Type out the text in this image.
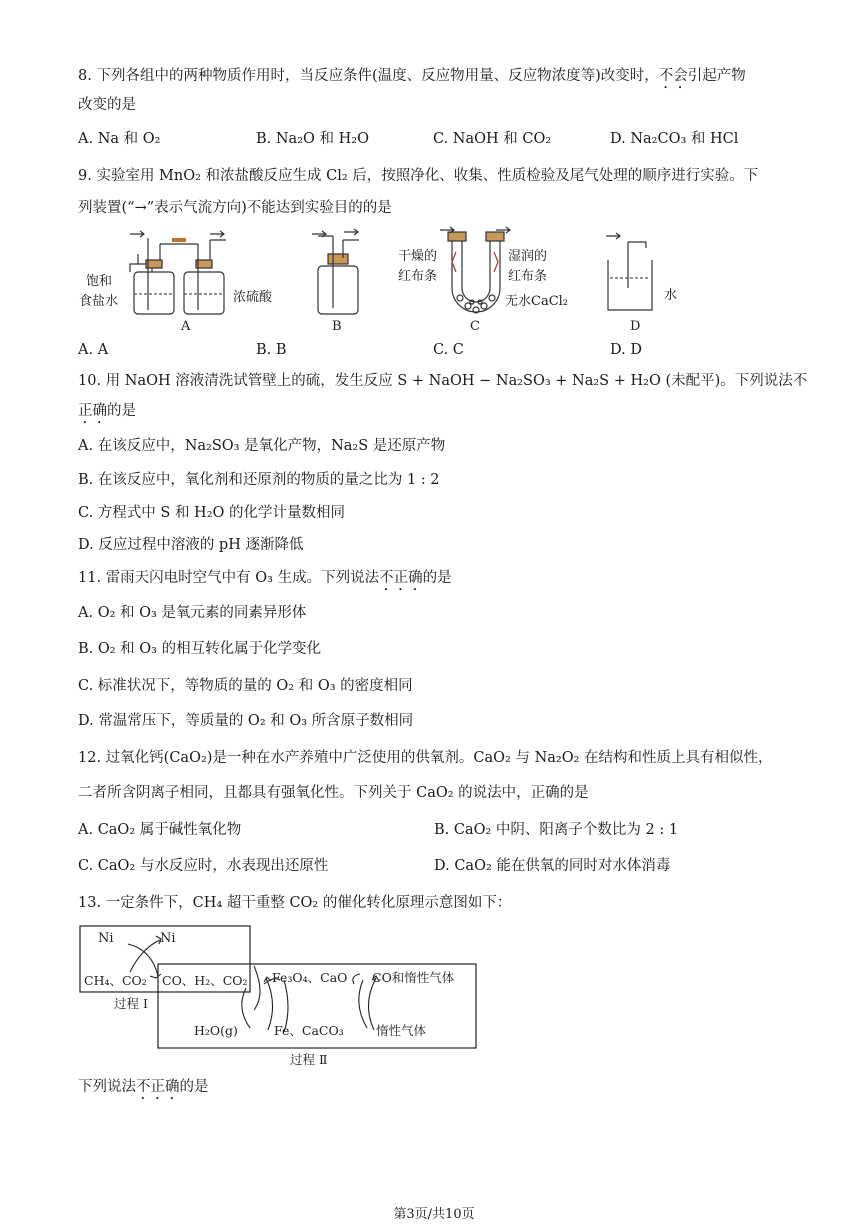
8. 下列各组中的两种物质作用时，当反应条件(温度、反应物用量、反应物浓度等)改变时，不会引起产物
改变的是
A. Na 和 O₂	B. Na₂O 和 H₂O	C. NaOH 和 CO₂	D. Na₂CO₃ 和 HCl
9. 实验室用 MnO₂ 和浓盐酸反应生成 Cl₂ 后，按照净化、收集、性质检验及尾气处理的顺序进行实验。下
列装置(“→”表示气流方向)不能达到实验目的的是
A	B	C	D
饱和
食盐水	浓硫酸
干燥的
红布条
湿润的
红布条
无水CaCl₂	水
A. A	B. B	C. C	D. D
10. 用 NaOH 溶液清洗试管壁上的硫，发生反应 S + NaOH − Na₂SO₃ + Na₂S + H₂O (未配平)。下列说法不
正确的是
A. 在该反应中，Na₂SO₃ 是氧化产物，Na₂S 是还原产物
B. 在该反应中，氧化剂和还原剂的物质的量之比为 1 : 2
C. 方程式中 S 和 H₂O 的化学计量数相同
D. 反应过程中溶液的 pH 逐渐降低
11. 雷雨天闪电时空气中有 O₃ 生成。下列说法不正确的是
A. O₂ 和 O₃ 是氧元素的同素异形体
B. O₂ 和 O₃ 的相互转化属于化学变化
C. 标准状况下，等物质的量的 O₂ 和 O₃ 的密度相同
D. 常温常压下，等质量的 O₂ 和 O₃ 所含原子数相同
12. 过氧化钙(CaO₂)是一种在水产养殖中广泛使用的供氧剂。CaO₂ 与 Na₂O₂ 在结构和性质上具有相似性，
二者所含阴离子相同，且都具有强氧化性。下列关于 CaO₂ 的说法中，正确的是
A. CaO₂ 属于碱性氧化物	B. CaO₂ 中阴、阳离子个数比为 2 : 1
C. CaO₂ 与水反应时，水表现出还原性	D. CaO₂ 能在供氧的同时对水体消毒
13. 一定条件下，CH₄ 超干重整 CO₂ 的催化转化原理示意图如下：
Ni	Ni
CH₄、CO₂ CO、H₂、CO₂ Fe₃O₄、CaO CO和惰性气体
H₂O(g)	Fe、CaCO₃	惰性气体
过程 Ⅰ
过程 Ⅱ
下列说法不正确的是
第3页/共10页
